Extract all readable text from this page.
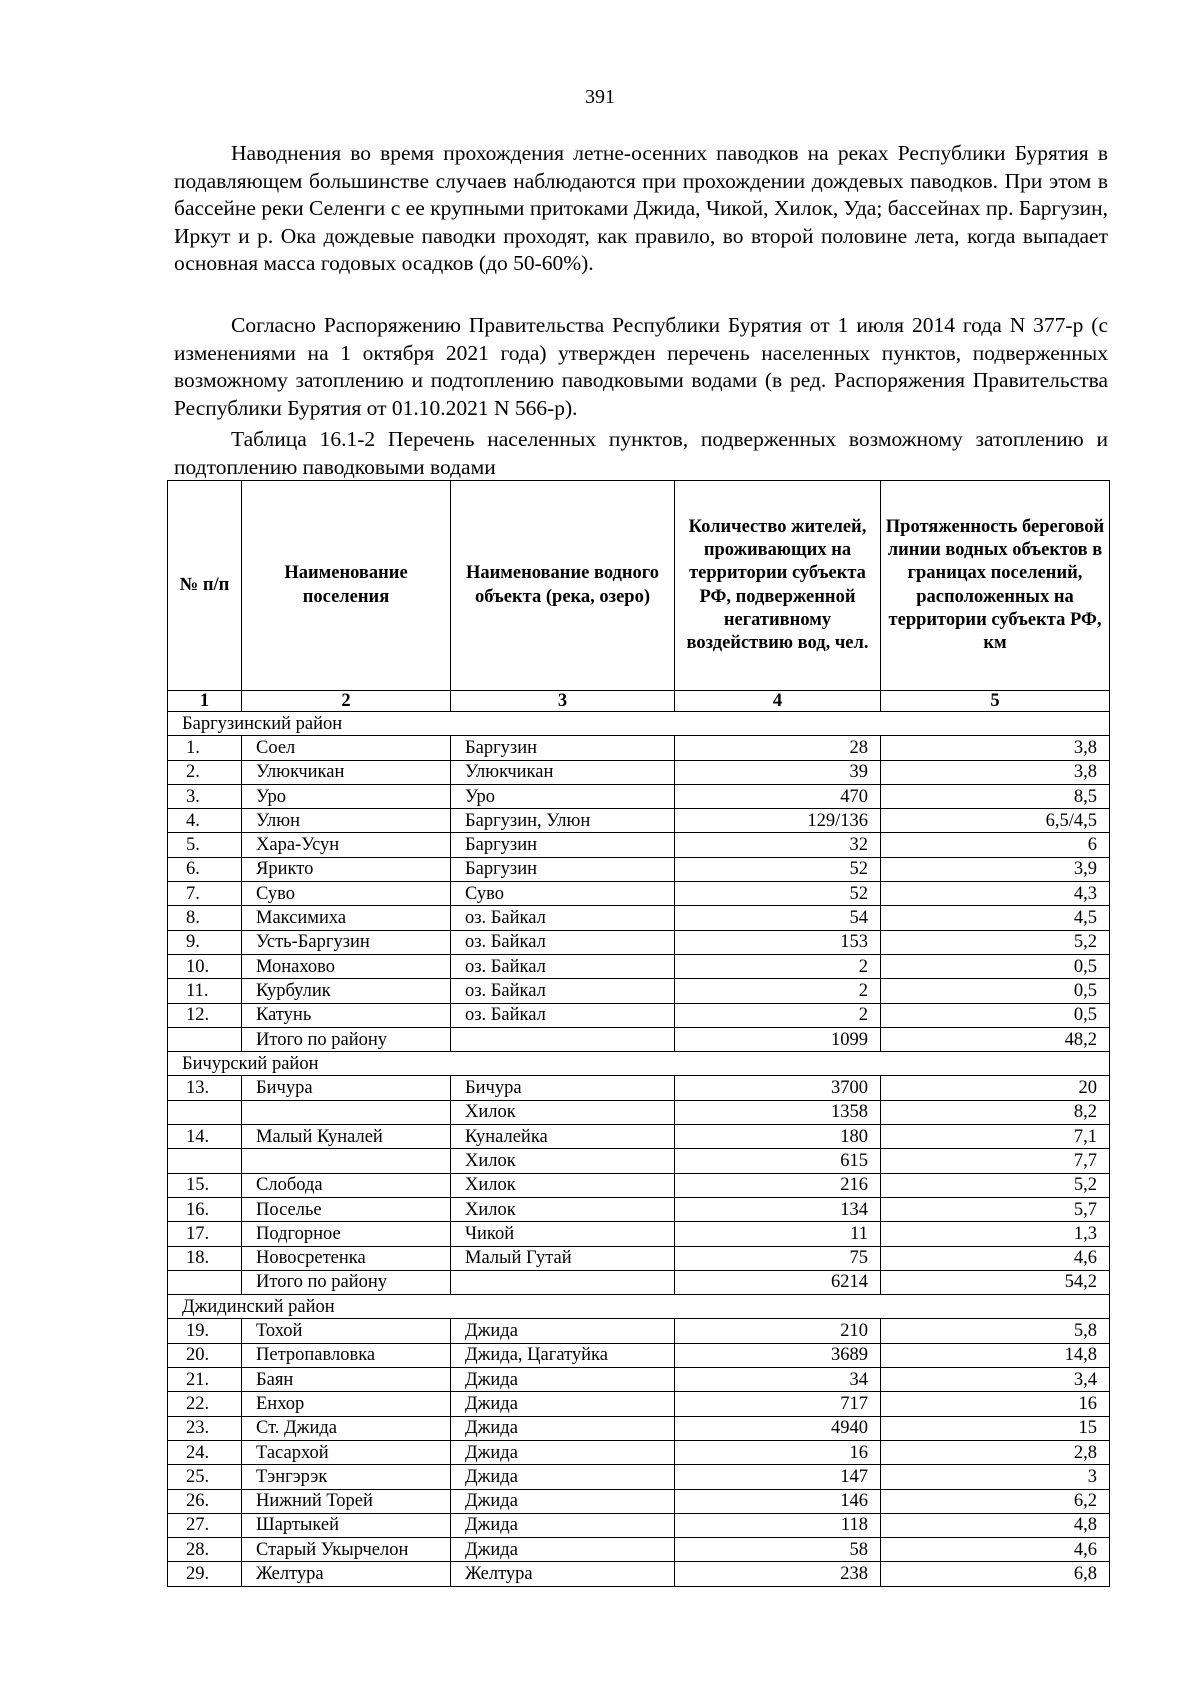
391

Наводнения во время прохождения летне-осенних паводков на реках Республики Бурятия в подавляющем большинстве случаев наблюдаются при прохождении дождевых паводков. При этом в бассейне реки Селенги с ее крупными притоками Джида, Чикой, Хилок, Уда; бассейнах пр. Баргузин, Иркут и р. Ока дождевые паводки проходят, как правило, во второй половине лета, когда выпадает основная масса годовых осадков (до 50-60%).

Согласно Распоряжению Правительства Республики Бурятия от 1 июля 2014 года N 377-р (с изменениями на 1 октября 2021 года) утвержден перечень населенных пунктов, подверженных возможному затоплению и подтоплению паводковыми водами (в ред. Распоряжения Правительства Республики Бурятия от 01.10.2021 N 566-р).

Таблица 16.1-2 Перечень населенных пунктов, подверженных возможному затоплению и подтоплению паводковыми водами

№ п/п	Наименование поселения	Наименование водного объекта (река, озеро)	Количество жителей, проживающих на территории субъекта РФ, подверженной негативному воздействию вод, чел.	Протяженность береговой линии водных объектов в границах поселений, расположенных на территории субъекта РФ, км
1	2	3	4	5
Баргузинский район				
1.	Соел	Баргузин	28	3,8
2.	Улюкчикан	Улюкчикан	39	3,8
3.	Уро	Уро	470	8,5
4.	Улюн	Баргузин, Улюн	129/136	6,5/4,5
5.	Хара-Усун	Баргузин	32	6
6.	Ярикто	Баргузин	52	3,9
7.	Суво	Суво	52	4,3
8.	Максимиха	оз. Байкал	54	4,5
9.	Усть-Баргузин	оз. Байкал	153	5,2
10.	Монахово	оз. Байкал	2	0,5
11.	Курбулик	оз. Байкал	2	0,5
12.	Катунь	оз. Байкал	2	0,5
	Итого по району		1099	48,2
Бичурский район				
13.	Бичура	Бичура	3700	20
		Хилок	1358	8,2
14.	Малый Куналей	Куналейка	180	7,1
		Хилок	615	7,7
15.	Слобода	Хилок	216	5,2
16.	Поселье	Хилок	134	5,7
17.	Подгорное	Чикой	11	1,3
18.	Новосретенка	Малый Гутай	75	4,6
	Итого по району		6214	54,2
Джидинский район				
19.	Тохой	Джида	210	5,8
20.	Петропавловка	Джида, Цагатуйка	3689	14,8
21.	Баян	Джида	34	3,4
22.	Енхор	Джида	717	16
23.	Ст. Джида	Джида	4940	15
24.	Тасархой	Джида	16	2,8
25.	Тэнгэрэк	Джида	147	3
26.	Нижний Торей	Джида	146	6,2
27.	Шартыкей	Джида	118	4,8
28.	Старый Укырчелон	Джида	58	4,6
29.	Желтура	Желтура	238	6,8
